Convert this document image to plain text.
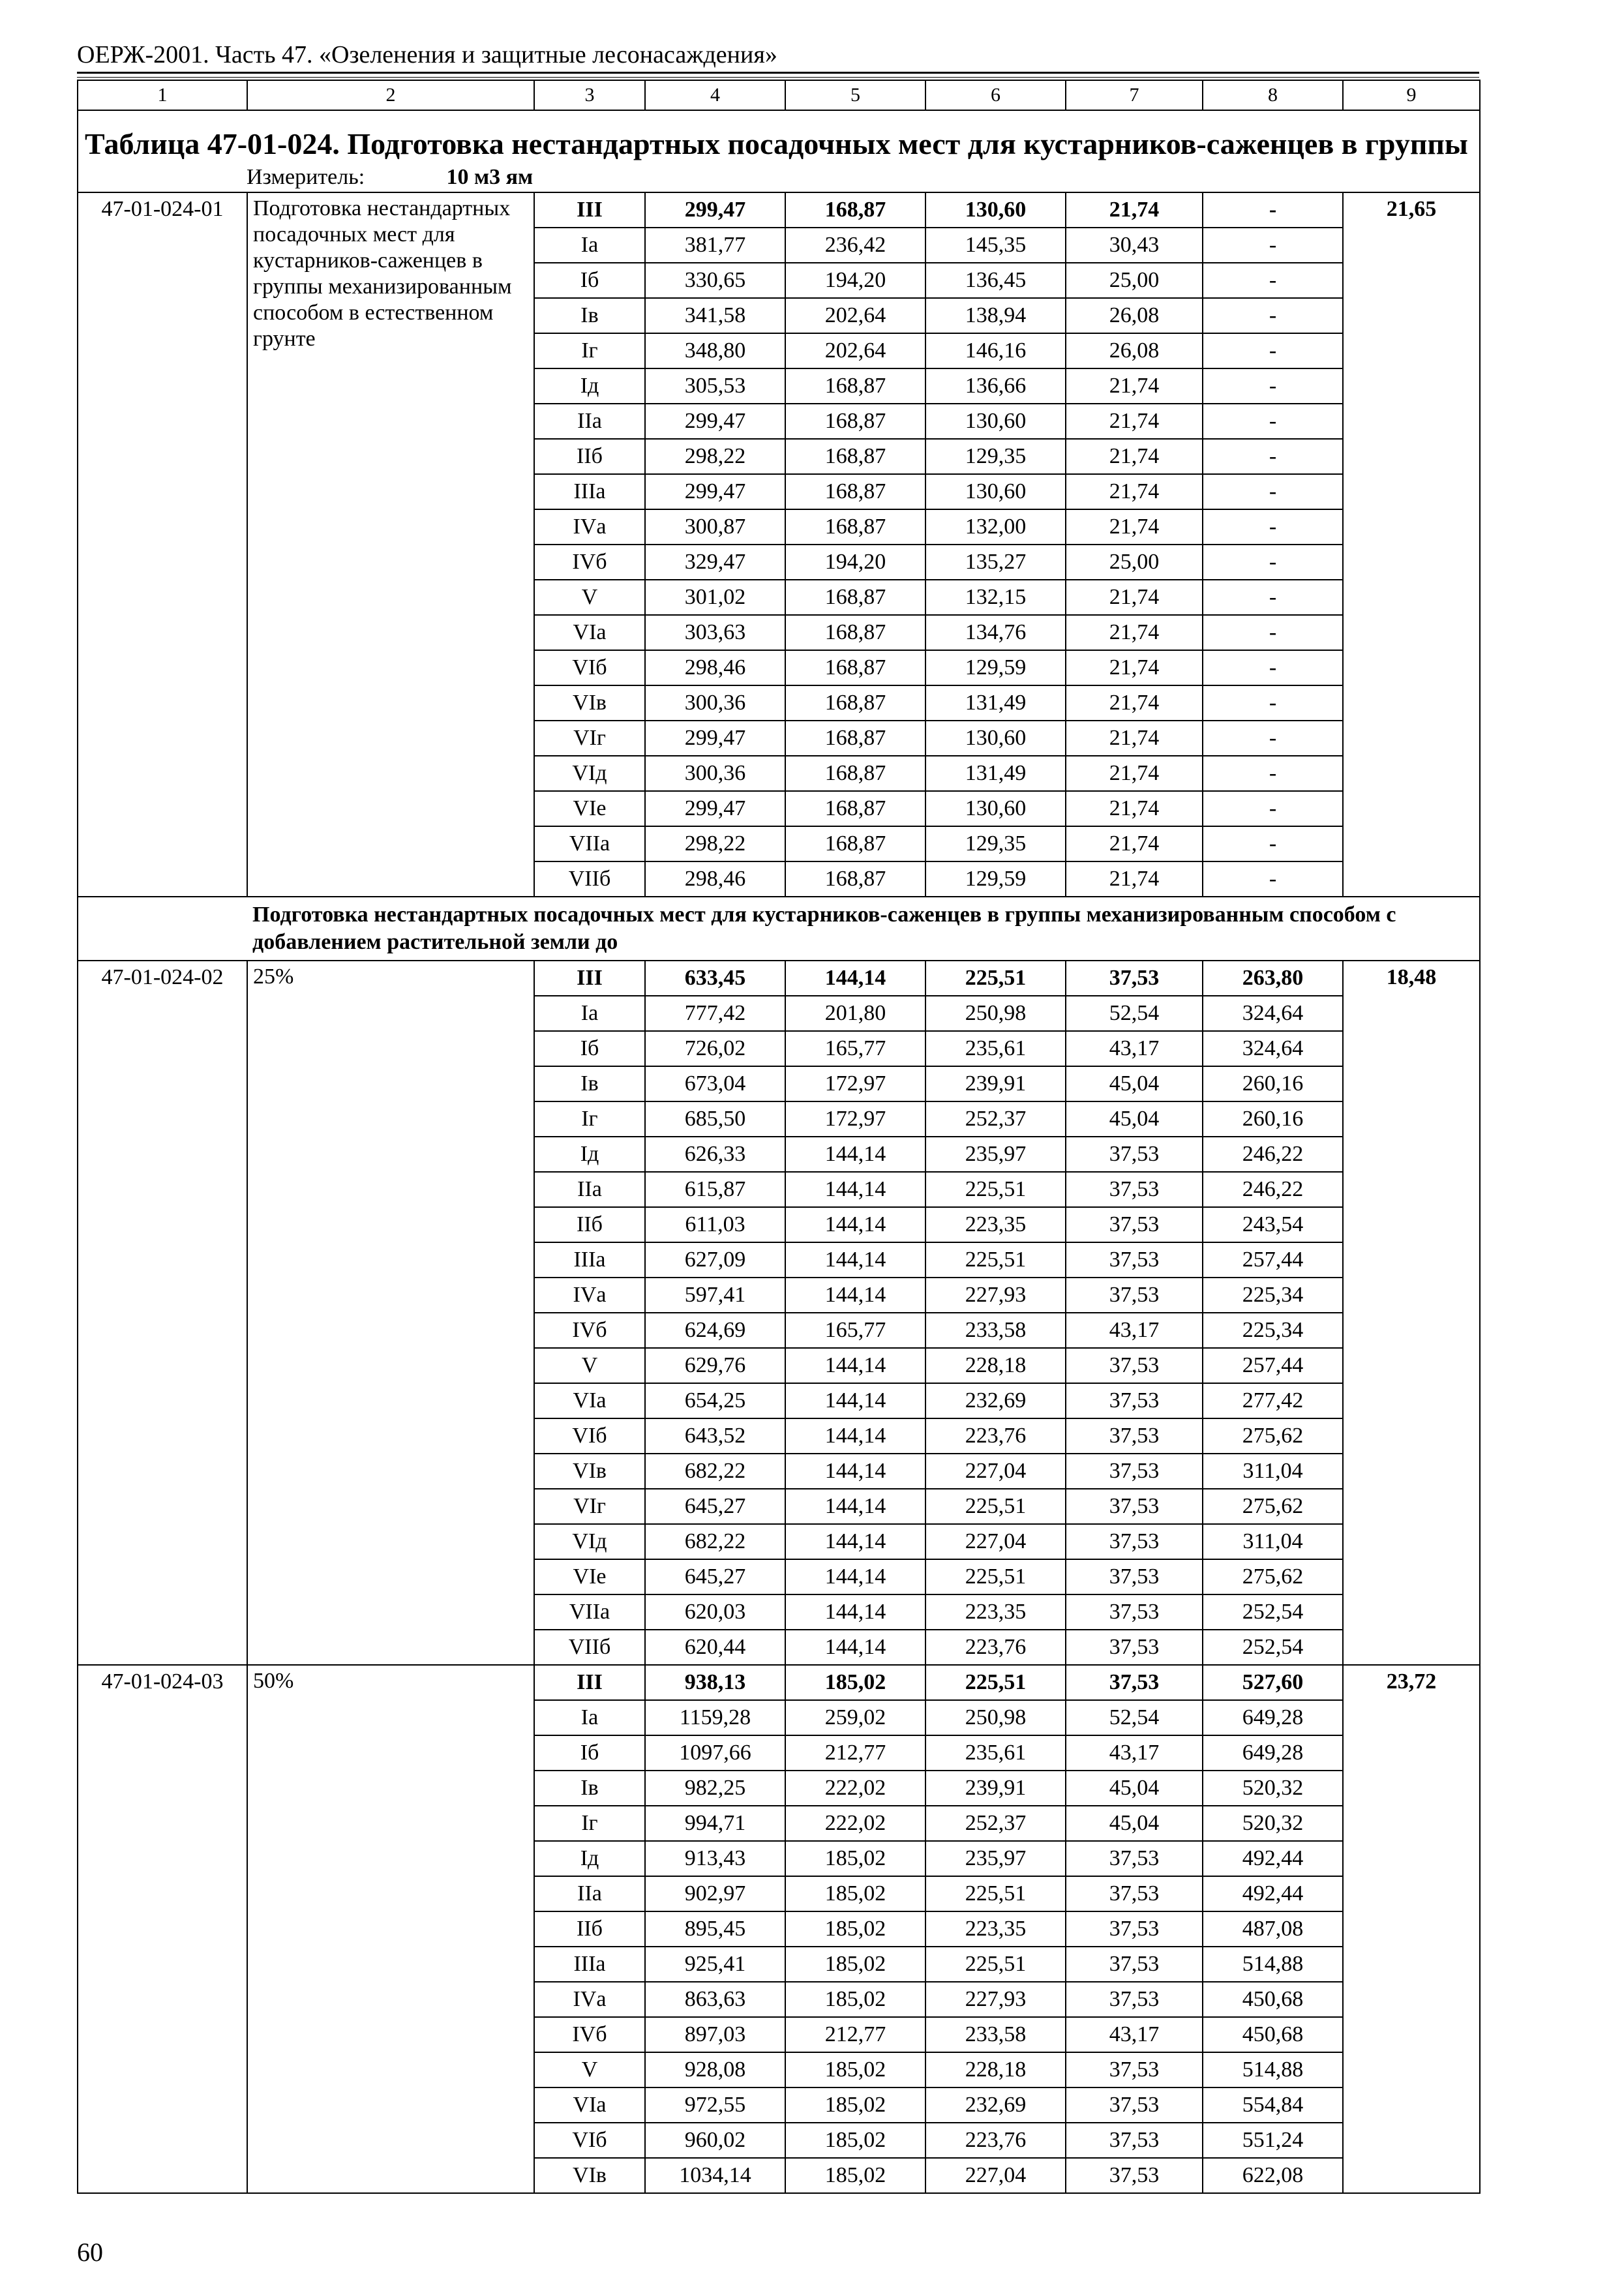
ОЕРЖ-2001. Часть 47. «Озеленения и защитные лесонасаждения»
1	2	3	4	5	6	7	8	9
Таблица 47-01-024. Подготовка нестандартных посадочных мест для кустарников-саженцев в группы								
Измеритель: 10 м3 ям								
47-01-024-01	Подготовка нестандартных посадочных мест для кустарников-саженцев в группы механизированным способом в естественном грунте	III	299,47	168,87	130,60	21,74	-	21,65
		Iа	381,77	236,42	145,35	30,43	-	
		Iб	330,65	194,20	136,45	25,00	-	
		Iв	341,58	202,64	138,94	26,08	-	
		Iг	348,80	202,64	146,16	26,08	-	
		Iд	305,53	168,87	136,66	21,74	-	
		IIа	299,47	168,87	130,60	21,74	-	
		IIб	298,22	168,87	129,35	21,74	-	
		IIIа	299,47	168,87	130,60	21,74	-	
		IVа	300,87	168,87	132,00	21,74	-	
		IVб	329,47	194,20	135,27	25,00	-	
		V	301,02	168,87	132,15	21,74	-	
		VIа	303,63	168,87	134,76	21,74	-	
		VIб	298,46	168,87	129,59	21,74	-	
		VIв	300,36	168,87	131,49	21,74	-	
		VIг	299,47	168,87	130,60	21,74	-	
		VIд	300,36	168,87	131,49	21,74	-	
		VIе	299,47	168,87	130,60	21,74	-	
		VIIа	298,22	168,87	129,35	21,74	-	
		VIIб	298,46	168,87	129,59	21,74	-	
	Подготовка нестандартных посадочных мест для кустарников-саженцев в группы механизированным способом с добавлением растительной земли до							
47-01-024-02	25%	III	633,45	144,14	225,51	37,53	263,80	18,48
		Iа	777,42	201,80	250,98	52,54	324,64	
		Iб	726,02	165,77	235,61	43,17	324,64	
		Iв	673,04	172,97	239,91	45,04	260,16	
		Iг	685,50	172,97	252,37	45,04	260,16	
		Iд	626,33	144,14	235,97	37,53	246,22	
		IIа	615,87	144,14	225,51	37,53	246,22	
		IIб	611,03	144,14	223,35	37,53	243,54	
		IIIа	627,09	144,14	225,51	37,53	257,44	
		IVа	597,41	144,14	227,93	37,53	225,34	
		IVб	624,69	165,77	233,58	43,17	225,34	
		V	629,76	144,14	228,18	37,53	257,44	
		VIа	654,25	144,14	232,69	37,53	277,42	
		VIб	643,52	144,14	223,76	37,53	275,62	
		VIв	682,22	144,14	227,04	37,53	311,04	
		VIг	645,27	144,14	225,51	37,53	275,62	
		VIд	682,22	144,14	227,04	37,53	311,04	
		VIе	645,27	144,14	225,51	37,53	275,62	
		VIIа	620,03	144,14	223,35	37,53	252,54	
		VIIб	620,44	144,14	223,76	37,53	252,54	
47-01-024-03	50%	III	938,13	185,02	225,51	37,53	527,60	23,72
		Iа	1159,28	259,02	250,98	52,54	649,28	
		Iб	1097,66	212,77	235,61	43,17	649,28	
		Iв	982,25	222,02	239,91	45,04	520,32	
		Iг	994,71	222,02	252,37	45,04	520,32	
		Iд	913,43	185,02	235,97	37,53	492,44	
		IIа	902,97	185,02	225,51	37,53	492,44	
		IIб	895,45	185,02	223,35	37,53	487,08	
		IIIа	925,41	185,02	225,51	37,53	514,88	
		IVа	863,63	185,02	227,93	37,53	450,68	
		IVб	897,03	212,77	233,58	43,17	450,68	
		V	928,08	185,02	228,18	37,53	514,88	
		VIа	972,55	185,02	232,69	37,53	554,84	
		VIб	960,02	185,02	223,76	37,53	551,24	
		VIв	1034,14	185,02	227,04	37,53	622,08	
60
